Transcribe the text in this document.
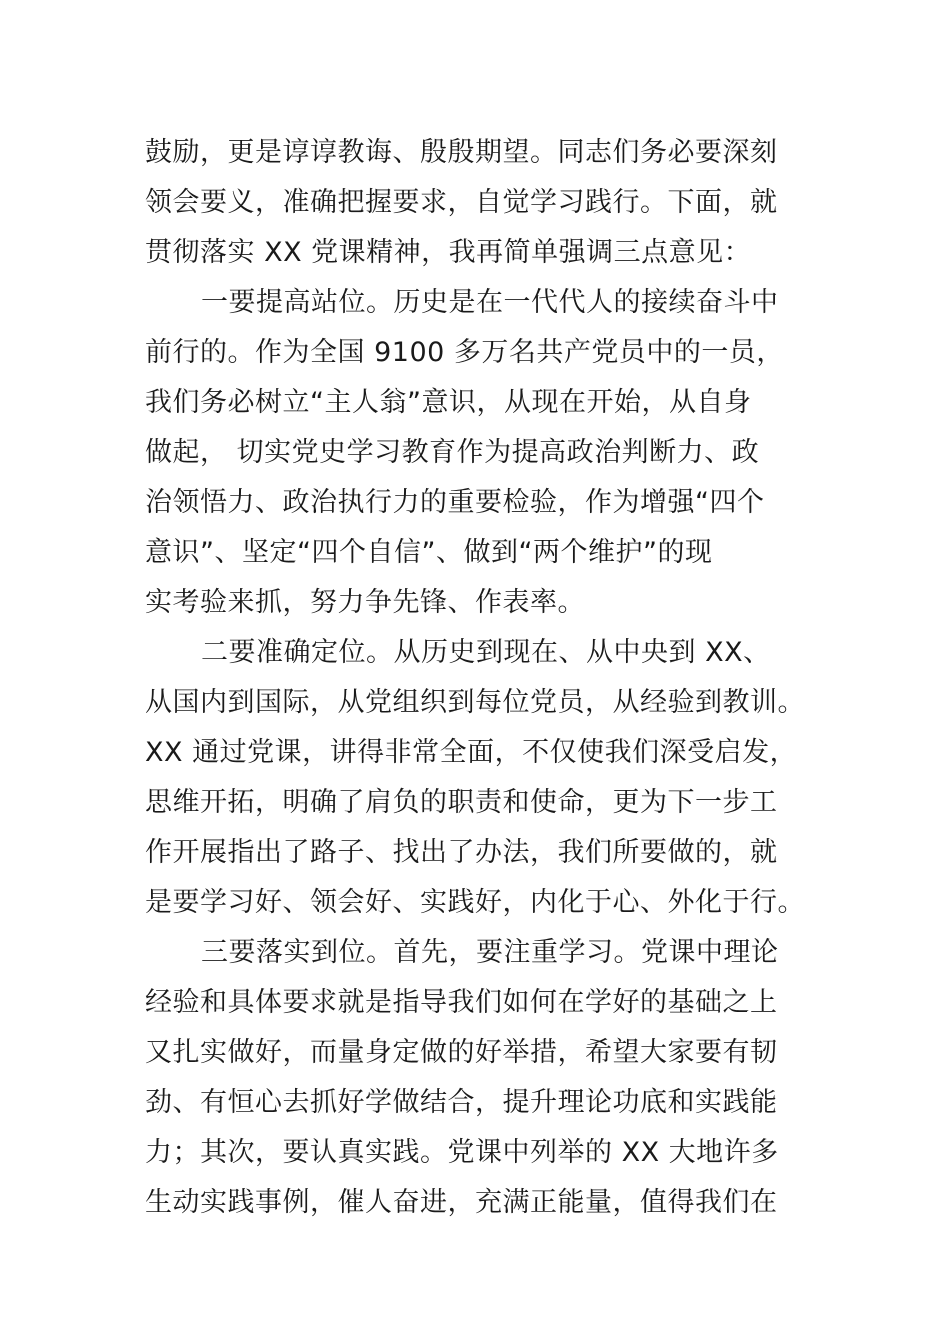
鼓励，更是谆谆教诲、殷殷期望。同志们务必要深刻
领会要义，准确把握要求，自觉学习践行。下面，就
贯彻落实 XX 党课精神，我再简单强调三点意见：
一要提高站位。历史是在一代代人的接续奋斗中
前行的。作为全国 9100 多万名共产党员中的一员，
我们务必树立“主人翁”意识，从现在开始，从自身
做起， 切实党史学习教育作为提高政治判断力、政
治领悟力、政治执行力的重要检验，作为增强“四个
意识”、坚定“四个自信”、做到“两个维护”的现
实考验来抓，努力争先锋、作表率。
二要准确定位。从历史到现在、从中央到 XX、
从国内到国际，从党组织到每位党员，从经验到教训。
XX 通过党课，讲得非常全面，不仅使我们深受启发，
思维开拓，明确了肩负的职责和使命，更为下一步工
作开展指出了路子、找出了办法，我们所要做的，就
是要学习好、领会好、实践好，内化于心、外化于行。
三要落实到位。首先，要注重学习。党课中理论
经验和具体要求就是指导我们如何在学好的基础之上
又扎实做好，而量身定做的好举措，希望大家要有韧
劲、有恒心去抓好学做结合，提升理论功底和实践能
力；其次，要认真实践。党课中列举的 XX 大地许多
生动实践事例，催人奋进，充满正能量，值得我们在
